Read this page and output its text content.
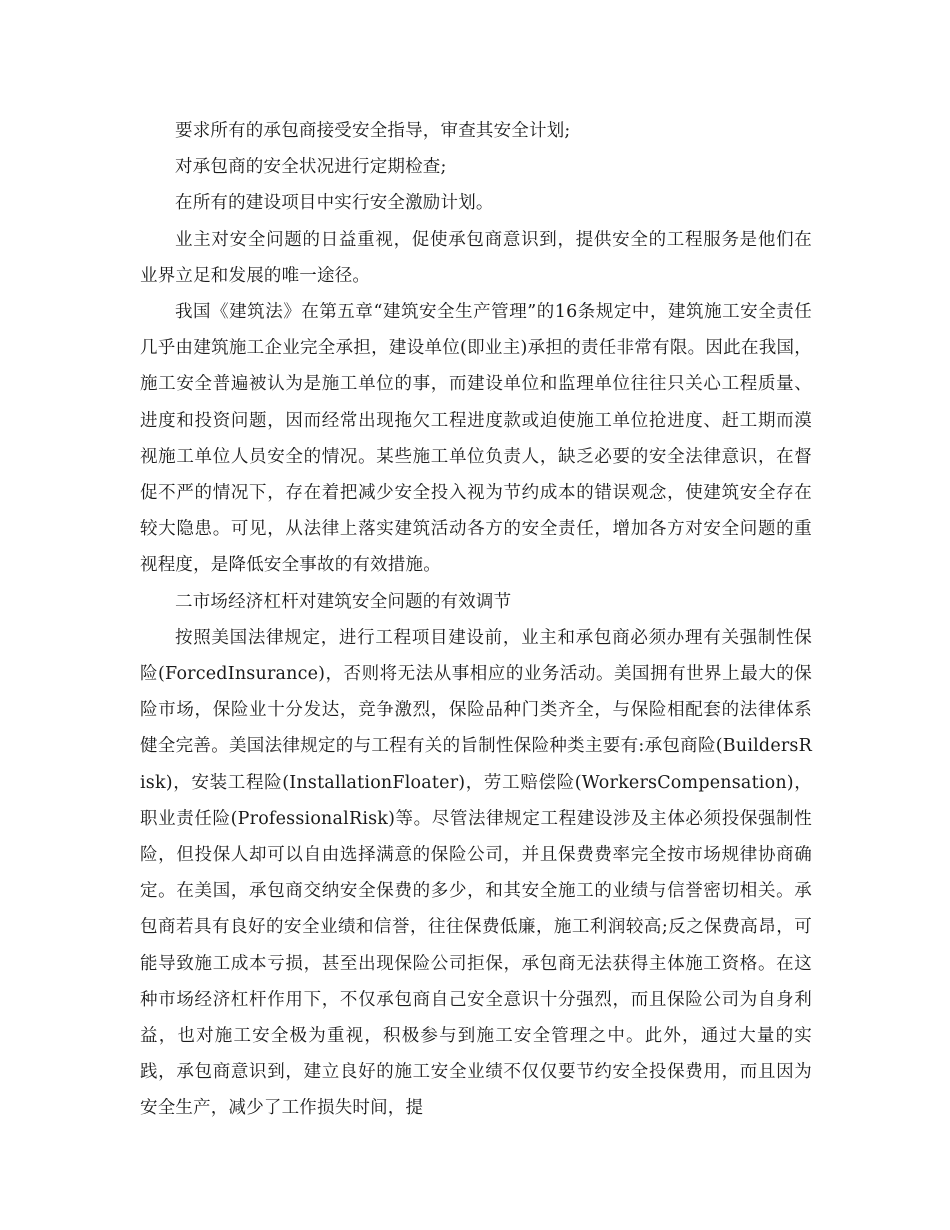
要求所有的承包商接受安全指导，审查其安全计划;

对承包商的安全状况进行定期检查;

在所有的建设项目中实行安全激励计划。

业主对安全问题的日益重视，促使承包商意识到，提供安全的工程服务是他们在业界立足和发展的唯一途径。

我国《建筑法》在第五章“建筑安全生产管理”的16条规定中，建筑施工安全责任几乎由建筑施工企业完全承担，建设单位(即业主)承担的责任非常有限。因此在我国，施工安全普遍被认为是施工单位的事，而建设单位和监理单位往往只关心工程质量、进度和投资问题，因而经常出现拖欠工程进度款或迫使施工单位抢进度、赶工期而漠视施工单位人员安全的情况。某些施工单位负责人，缺乏必要的安全法律意识，在督促不严的情况下，存在着把减少安全投入视为节约成本的错误观念，使建筑安全存在较大隐患。可见，从法律上落实建筑活动各方的安全责任，增加各方对安全问题的重视程度，是降低安全事故的有效措施。

二市场经济杠杆对建筑安全问题的有效调节

按照美国法律规定，进行工程项目建设前，业主和承包商必须办理有关强制性保险(ForcedInsurance)，否则将无法从事相应的业务活动。美国拥有世界上最大的保险市场，保险业十分发达，竞争激烈，保险品种门类齐全，与保险相配套的法律体系健全完善。美国法律规定的与工程有关的旨制性保险种类主要有:承包商险(BuildersRisk)，安装工程险(InstallationFloater)，劳工赔偿险(WorkersCompensation)，职业责任险(ProfessionalRisk)等。尽管法律规定工程建设涉及主体必须投保强制性险，但投保人却可以自由选择满意的保险公司，并且保费费率完全按市场规律协商确定。在美国，承包商交纳安全保费的多少，和其安全施工的业绩与信誉密切相关。承包商若具有良好的安全业绩和信誉，往往保费低廉，施工利润较高;反之保费高昂，可能导致施工成本亏损，甚至出现保险公司拒保，承包商无法获得主体施工资格。在这种市场经济杠杆作用下，不仅承包商自己安全意识十分强烈，而且保险公司为自身利益，也对施工安全极为重视，积极参与到施工安全管理之中。此外，通过大量的实践，承包商意识到，建立良好的施工安全业绩不仅仅要节约安全投保费用，而且因为安全生产，减少了工作损失时间，提
